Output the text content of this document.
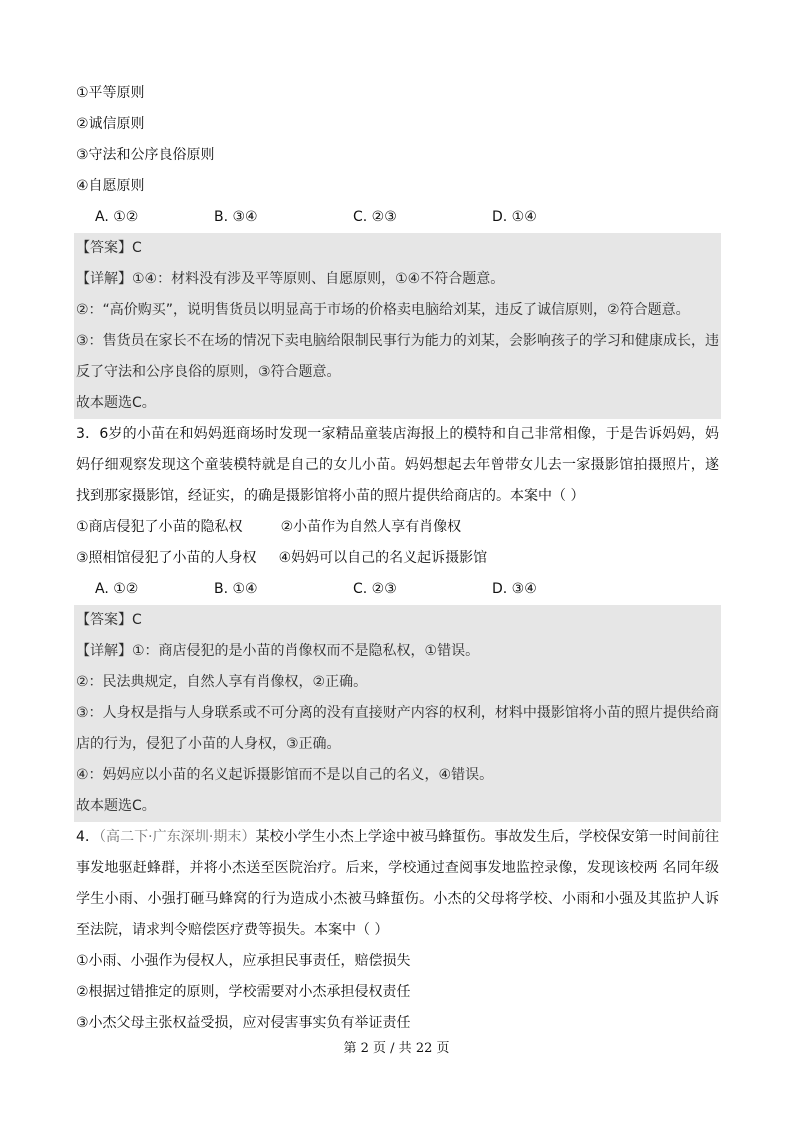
①平等原则
②诚信原则
③守法和公序良俗原则
④自愿原则
A. ①②	B. ③④	C. ②③	D. ①④
【答案】C
【详解】①④：材料没有涉及平等原则、自愿原则，①④不符合题意。
②：“高价购买”，说明售货员以明显高于市场的价格卖电脑给刘某，违反了诚信原则，②符合题意。
③：售货员在家长不在场的情况下卖电脑给限制民事行为能力的刘某，会影响孩子的学习和健康成长，违反了守法和公序良俗的原则，③符合题意。
故本题选C。
3．6岁的小苗在和妈妈逛商场时发现一家精品童装店海报上的模特和自己非常相像，于是告诉妈妈，妈妈仔细观察发现这个童装模特就是自己的女儿小苗。妈妈想起去年曾带女儿去一家摄影馆拍摄照片，遂找到那家摄影馆，经证实，的确是摄影馆将小苗的照片提供给商店的。本案中（ ）
①商店侵犯了小苗的隐私权	②小苗作为自然人享有肖像权
③照相馆侵犯了小苗的人身权 ④妈妈可以自己的名义起诉摄影馆
A. ①②	B. ①④	C. ②③	D. ③④
【答案】C
【详解】①：商店侵犯的是小苗的肖像权而不是隐私权，①错误。
②：民法典规定，自然人享有肖像权，②正确。
③：人身权是指与人身联系或不可分离的没有直接财产内容的权利，材料中摄影馆将小苗的照片提供给商店的行为，侵犯了小苗的人身权，③正确。
④：妈妈应以小苗的名义起诉摄影馆而不是以自己的名义，④错误。
故本题选C。
4．（高二下·广东深圳·期末）某校小学生小杰上学途中被马蜂蜇伤。事故发生后，学校保安第一时间前往事发地驱赶蜂群，并将小杰送至医院治疗。后来，学校通过查阅事发地监控录像，发现该校两 名同年级学生小雨、小强打砸马蜂窝的行为造成小杰被马蜂蜇伤。小杰的父母将学校、小雨和小强及其监护人诉至法院，请求判令赔偿医疗费等损失。本案中（ ）
①小雨、小强作为侵权人，应承担民事责任，赔偿损失
②根据过错推定的原则，学校需要对小杰承担侵权责任
③小杰父母主张权益受损，应对侵害事实负有举证责任
第 2 页 / 共 22 页
